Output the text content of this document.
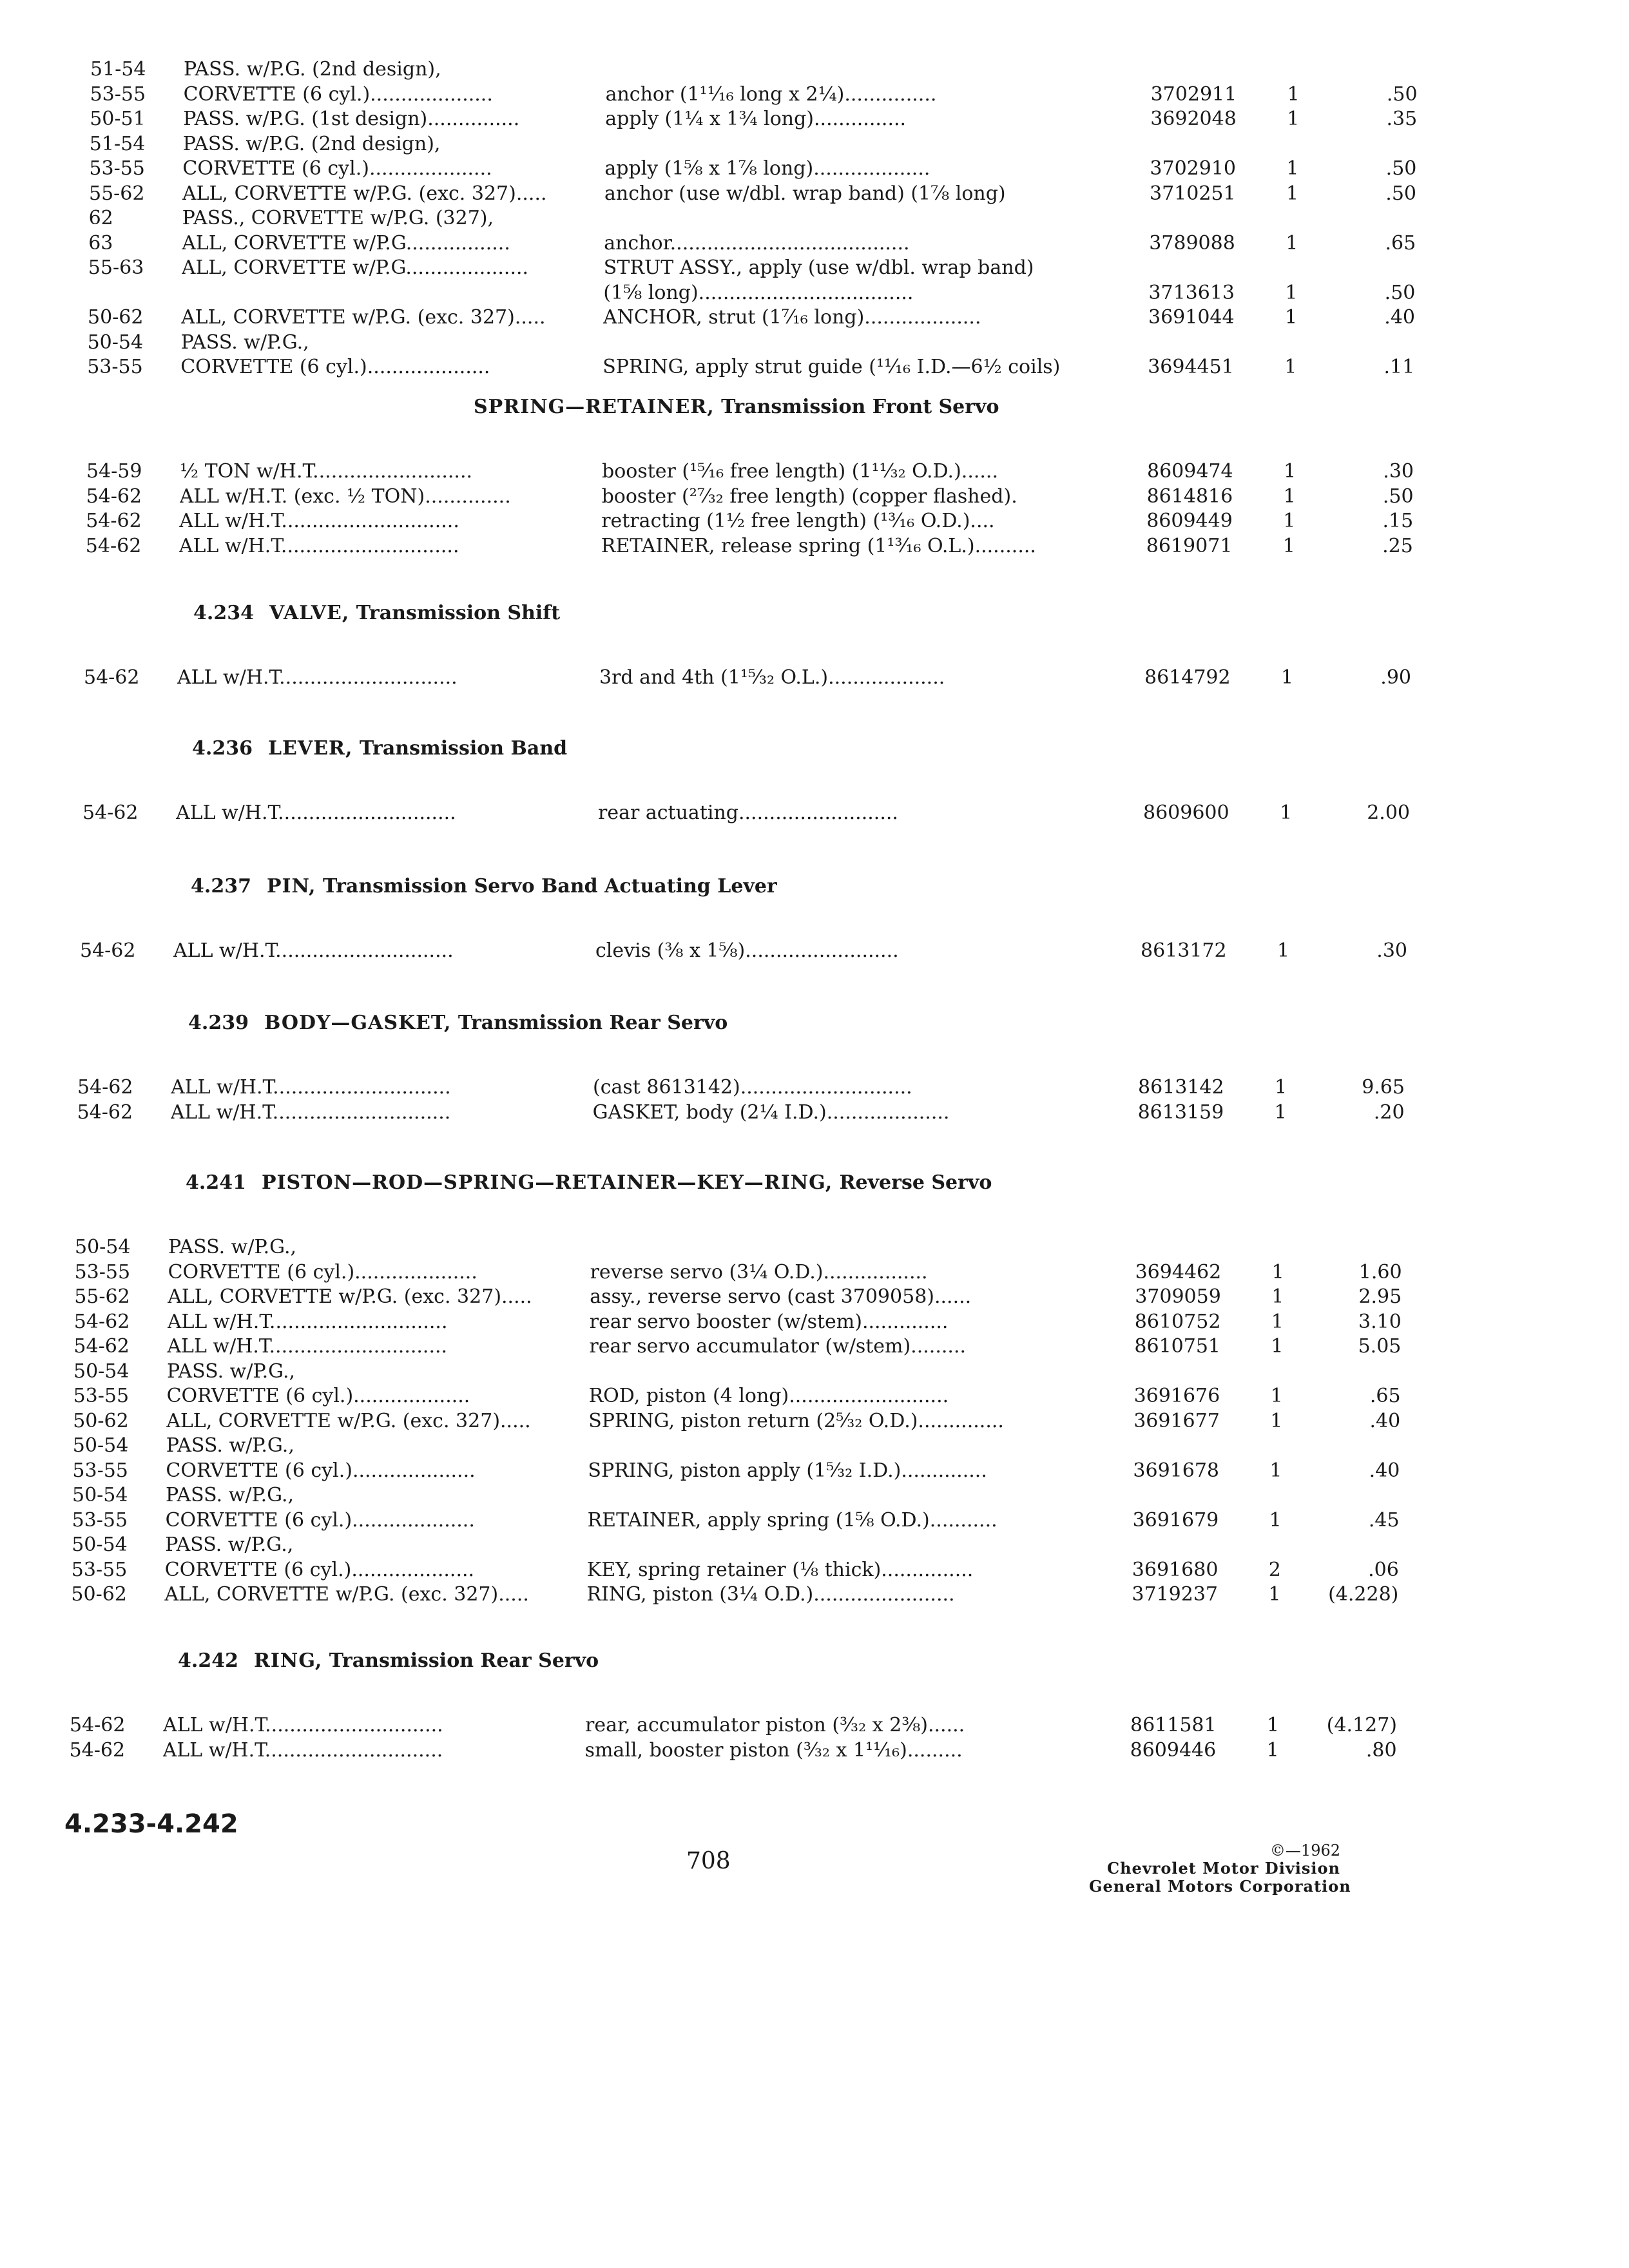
51-54	PASS. w/P.G. (2nd design),
53-55	CORVETTE (6 cyl.)....................	anchor (1¹¹⁄₁₆ long x 2¼)...............	3702911	1	.50
50-51	PASS. w/P.G. (1st design)...............	apply (1¼ x 1¾ long)...............	3692048	1	.35
51-54	PASS. w/P.G. (2nd design),
53-55	CORVETTE (6 cyl.)....................	apply (1⅝ x 1⅞ long)...................	3702910	1	.50
55-62	ALL, CORVETTE w/P.G. (exc. 327).....	anchor (use w/dbl. wrap band) (1⅞ long)	3710251	1	.50
62	PASS., CORVETTE w/P.G. (327),
63	ALL, CORVETTE w/P.G.................	anchor.......................................	3789088	1	.65
55-63	ALL, CORVETTE w/P.G....................	STRUT ASSY., apply (use w/dbl. wrap band)
(1⅝ long)...................................	3713613	1	.50
50-62	ALL, CORVETTE w/P.G. (exc. 327).....	ANCHOR, strut (1⁷⁄₁₆ long)...................	3691044	1	.40
50-54	PASS. w/P.G.,
53-55	CORVETTE (6 cyl.)....................	SPRING, apply strut guide (¹¹⁄₁₆ I.D.—6½ coils)	3694451	1	.11
SPRING—RETAINER, Transmission Front Servo
54-59	½ TON w/H.T..........................	booster (¹⁵⁄₁₆ free length) (1¹¹⁄₃₂ O.D.)......	8609474	1	.30
54-62	ALL w/H.T. (exc. ½ TON)..............	booster (²⁷⁄₃₂ free length) (copper flashed).	8614816	1	.50
54-62	ALL w/H.T.............................	retracting (1½ free length) (¹³⁄₁₆ O.D.)....	8609449	1	.15
54-62	ALL w/H.T.............................	RETAINER, release spring (1¹³⁄₁₆ O.L.)..........	8619071	1	.25
4.234 VALVE, Transmission Shift
54-62	ALL w/H.T.............................	3rd and 4th (1¹⁵⁄₃₂ O.L.)...................	8614792	1	.90
4.236 LEVER, Transmission Band
54-62	ALL w/H.T.............................	rear actuating..........................	8609600	1	2.00
4.237 PIN, Transmission Servo Band Actuating Lever
54-62	ALL w/H.T.............................	clevis (⅜ x 1⅝).........................	8613172	1	.30
4.239 BODY—GASKET, Transmission Rear Servo
54-62	ALL w/H.T.............................	(cast 8613142)............................	8613142	1	9.65
54-62	ALL w/H.T.............................	GASKET, body (2¼ I.D.)....................	8613159	1	.20
4.241 PISTON—ROD—SPRING—RETAINER—KEY—RING, Reverse Servo
50-54	PASS. w/P.G.,
53-55	CORVETTE (6 cyl.)....................	reverse servo (3¼ O.D.).................	3694462	1	1.60
55-62	ALL, CORVETTE w/P.G. (exc. 327).....	assy., reverse servo (cast 3709058)......	3709059	1	2.95
54-62	ALL w/H.T.............................	rear servo booster (w/stem)..............	8610752	1	3.10
54-62	ALL w/H.T.............................	rear servo accumulator (w/stem).........	8610751	1	5.05
50-54	PASS. w/P.G.,
53-55	CORVETTE (6 cyl.)...................	ROD, piston (4 long)..........................	3691676	1	.65
50-62	ALL, CORVETTE w/P.G. (exc. 327).....	SPRING, piston return (2⁵⁄₃₂ O.D.)..............	3691677	1	.40
50-54	PASS. w/P.G.,
53-55	CORVETTE (6 cyl.)....................	SPRING, piston apply (1⁵⁄₃₂ I.D.)..............	3691678	1	.40
50-54	PASS. w/P.G.,
53-55	CORVETTE (6 cyl.)....................	RETAINER, apply spring (1⅝ O.D.)...........	3691679	1	.45
50-54	PASS. w/P.G.,
53-55	CORVETTE (6 cyl.)....................	KEY, spring retainer (⅛ thick)...............	3691680	2	.06
50-62	ALL, CORVETTE w/P.G. (exc. 327).....	RING, piston (3¼ O.D.).......................	3719237	1	(4.228)
4.242 RING, Transmission Rear Servo
54-62	ALL w/H.T.............................	rear, accumulator piston (³⁄₃₂ x 2⅜)......	8611581	1	(4.127)
54-62	ALL w/H.T.............................	small, booster piston (³⁄₃₂ x 1¹¹⁄₁₆).........	8609446	1	.80
4.233-4.242
708	©—1962
Chevrolet Motor Division
General Motors Corporation
